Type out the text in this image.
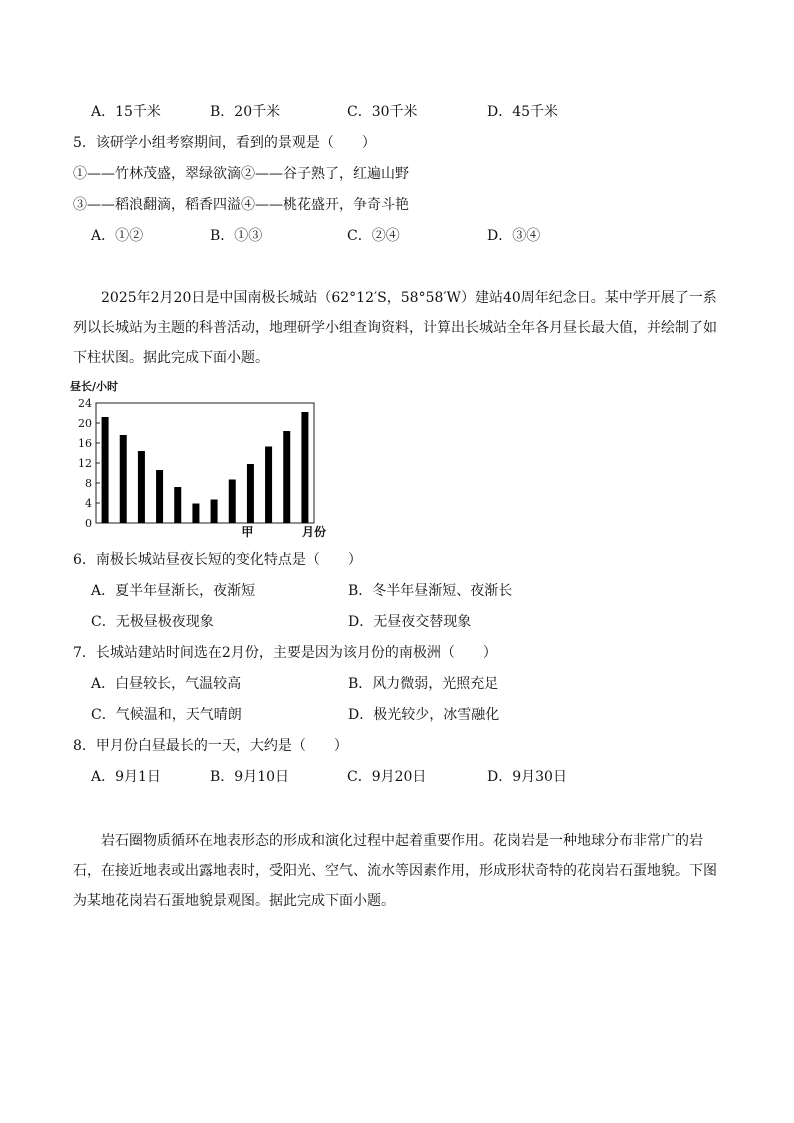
A．15千米	B．20千米	C．30千米	D．45千米
5．该研学小组考察期间，看到的景观是（　　）
①——竹林茂盛，翠绿欲滴②——谷子熟了，红遍山野
③——稻浪翻滴，稻香四溢④——桃花盛开，争奇斗艳
A．①②	B．①③	C．②④	D．③④
2025年2月20日是中国南极长城站（62°12′S，58°58′W）建站40周年纪念日。某中学开展了一系列以长城站为主题的科普活动，地理研学小组查询资料，计算出长城站全年各月昼长最大值，并绘制了如下柱状图。据此完成下面小题。
昼长/小时
0
4
8
12
16
20
24
甲	月份
6．南极长城站昼夜长短的变化特点是（　　）
A．夏半年昼渐长，夜渐短	B．冬半年昼渐短、夜渐长
C．无极昼极夜现象	D．无昼夜交替现象
7．长城站建站时间选在2月份，主要是因为该月份的南极洲（　　）
A．白昼较长，气温较高	B．风力微弱，光照充足
C．气候温和，天气晴朗	D．极光较少，冰雪融化
8．甲月份白昼最长的一天，大约是（　　）
A．9月1日	B．9月10日	C．9月20日	D．9月30日
岩石圈物质循环在地表形态的形成和演化过程中起着重要作用。花岗岩是一种地球分布非常广的岩石，在接近地表或出露地表时，受阳光、空气、流水等因素作用，形成形状奇特的花岗岩石蛋地貌。下图为某地花岗岩石蛋地貌景观图。据此完成下面小题。
